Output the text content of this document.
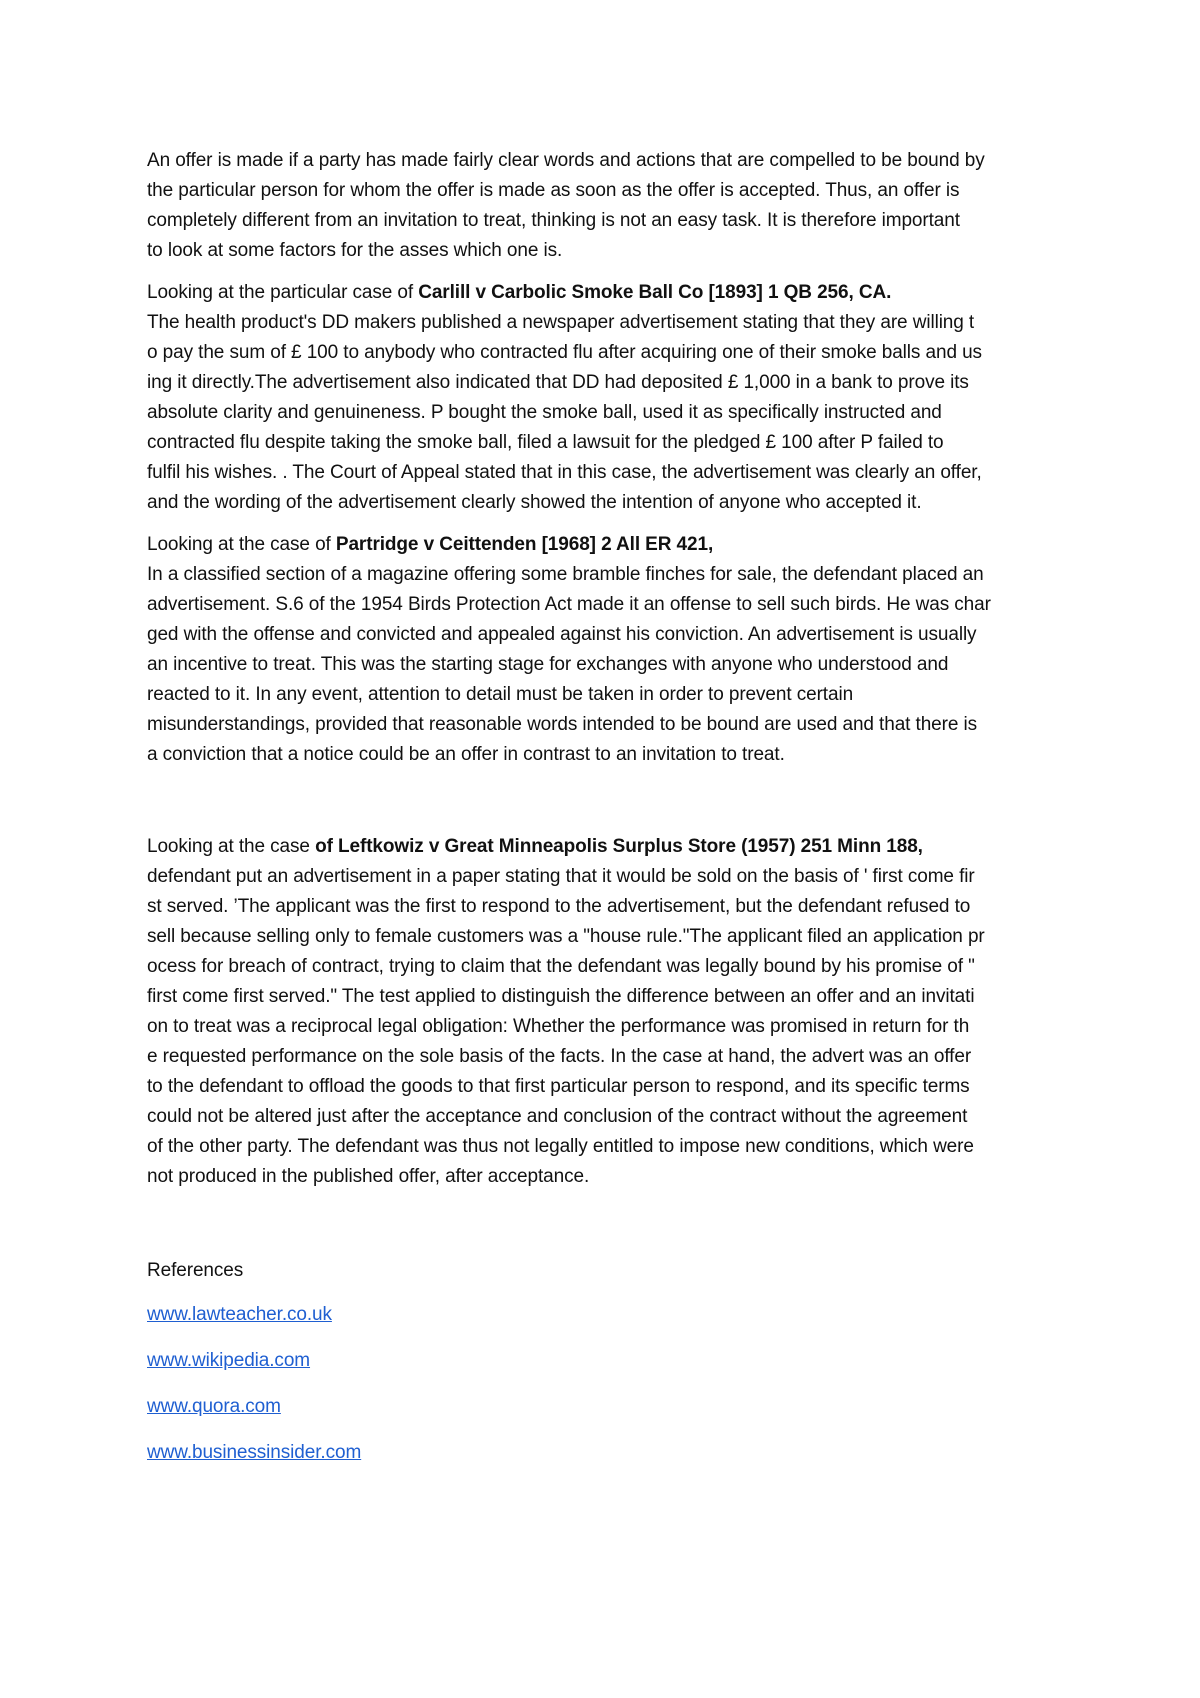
An offer is made if a party has made fairly clear words and actions that are compelled to be bound by
the particular person for whom the offer is made as soon as the offer is accepted. Thus, an offer is
completely different from an invitation to treat, thinking is not an easy task. It is therefore important
to look at some factors for the asses which one is.

Looking at the particular case of Carlill v Carbolic Smoke Ball Co [1893] 1 QB 256, CA.
The health product's DD makers published a newspaper advertisement stating that they are willing t
o pay the sum of £ 100 to anybody who contracted flu after acquiring one of their smoke balls and us
ing it directly.The advertisement also indicated that DD had deposited £ 1,000 in a bank to prove its
absolute clarity and genuineness. P bought the smoke ball, used it as specifically instructed and
contracted flu despite taking the smoke ball, filed a lawsuit for the pledged £ 100 after P failed to
fulfil his wishes. . The Court of Appeal stated that in this case, the advertisement was clearly an offer,
and the wording of the advertisement clearly showed the intention of anyone who accepted it.

Looking at the case of Partridge v Ceittenden [1968] 2 All ER 421,
In a classified section of a magazine offering some bramble finches for sale, the defendant placed an
advertisement. S.6 of the 1954 Birds Protection Act made it an offense to sell such birds. He was char
ged with the offense and convicted and appealed against his conviction. An advertisement is usually
an incentive to treat. This was the starting stage for exchanges with anyone who understood and
reacted to it. In any event, attention to detail must be taken in order to prevent certain
misunderstandings, provided that reasonable words intended to be bound are used and that there is
a conviction that a notice could be an offer in contrast to an invitation to treat.

Looking at the case of Leftkowiz v Great Minneapolis Surplus Store (1957) 251 Minn 188,
defendant put an advertisement in a paper stating that it would be sold on the basis of ' first come fir
st served. ’The applicant was the first to respond to the advertisement, but the defendant refused to
sell because selling only to female customers was a "house rule."The applicant filed an application pr
ocess for breach of contract, trying to claim that the defendant was legally bound by his promise of "
first come first served." The test applied to distinguish the difference between an offer and an invitati
on to treat was a reciprocal legal obligation: Whether the performance was promised in return for th
e requested performance on the sole basis of the facts. In the case at hand, the advert was an offer
to the defendant to offload the goods to that first particular person to respond, and its specific terms
could not be altered just after the acceptance and conclusion of the contract without the agreement
of the other party. The defendant was thus not legally entitled to impose new conditions, which were
not produced in the published offer, after acceptance.

References
www.lawteacher.co.uk
www.wikipedia.com
www.quora.com
www.businessinsider.com
